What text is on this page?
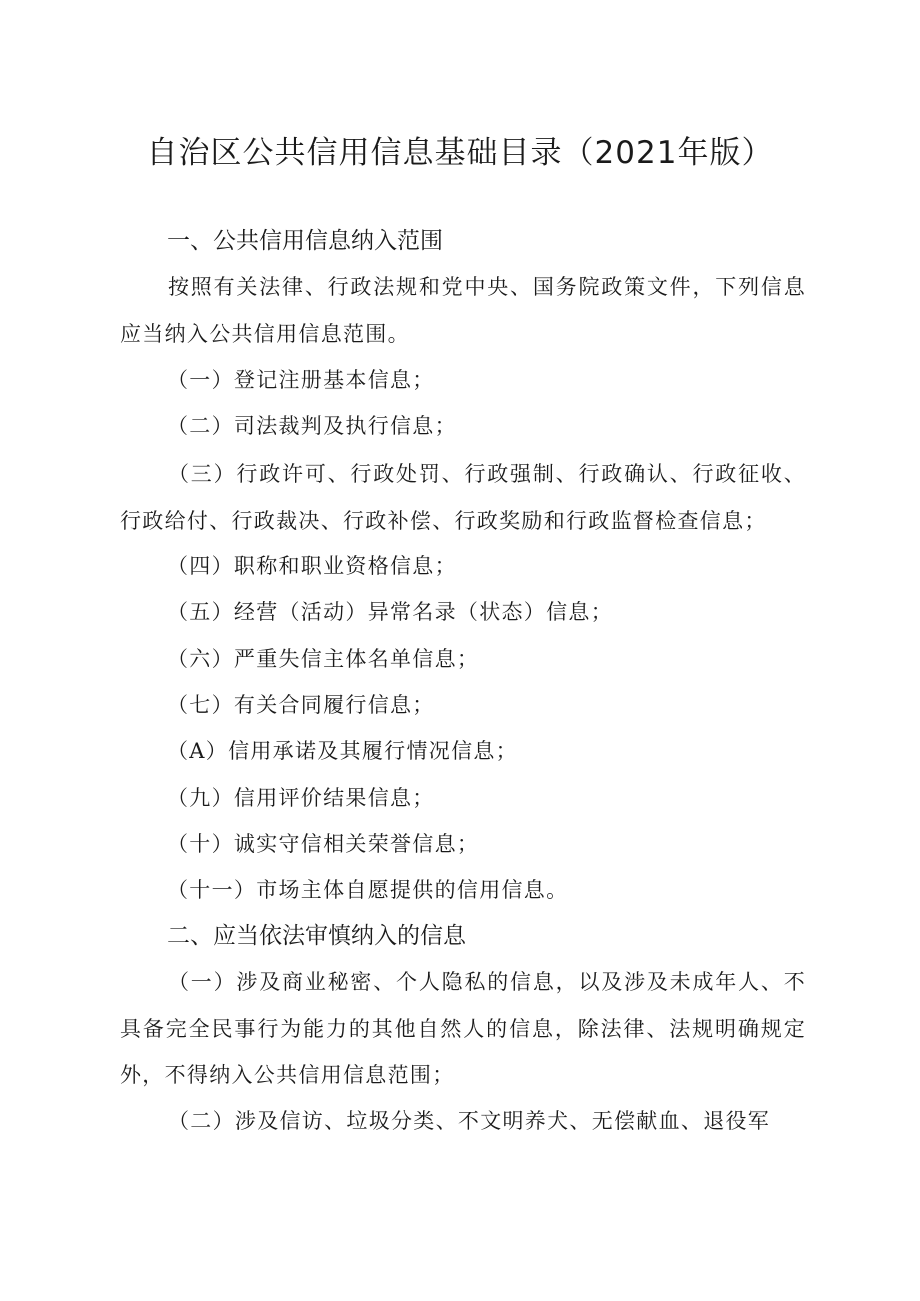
自治区公共信用信息基础目录（2021年版）
一、公共信用信息纳入范围
按照有关法律、行政法规和党中央、国务院政策文件，下列信息应当纳入公共信用信息范围。
（一）登记注册基本信息；
（二）司法裁判及执行信息；
（三）行政许可、行政处罚、行政强制、行政确认、行政征收、行政给付、行政裁决、行政补偿、行政奖励和行政监督检查信息；
（四）职称和职业资格信息；
（五）经营（活动）异常名录（状态）信息；
（六）严重失信主体名单信息；
（七）有关合同履行信息；
（A）信用承诺及其履行情况信息；
（九）信用评价结果信息；
（十）诚实守信相关荣誉信息；
（十一）市场主体自愿提供的信用信息。
二、应当依法审慎纳入的信息
（一）涉及商业秘密、个人隐私的信息，以及涉及未成年人、不具备完全民事行为能力的其他自然人的信息，除法律、法规明确规定外，不得纳入公共信用信息范围；
（二）涉及信访、垃圾分类、不文明养犬、无偿献血、退役军
